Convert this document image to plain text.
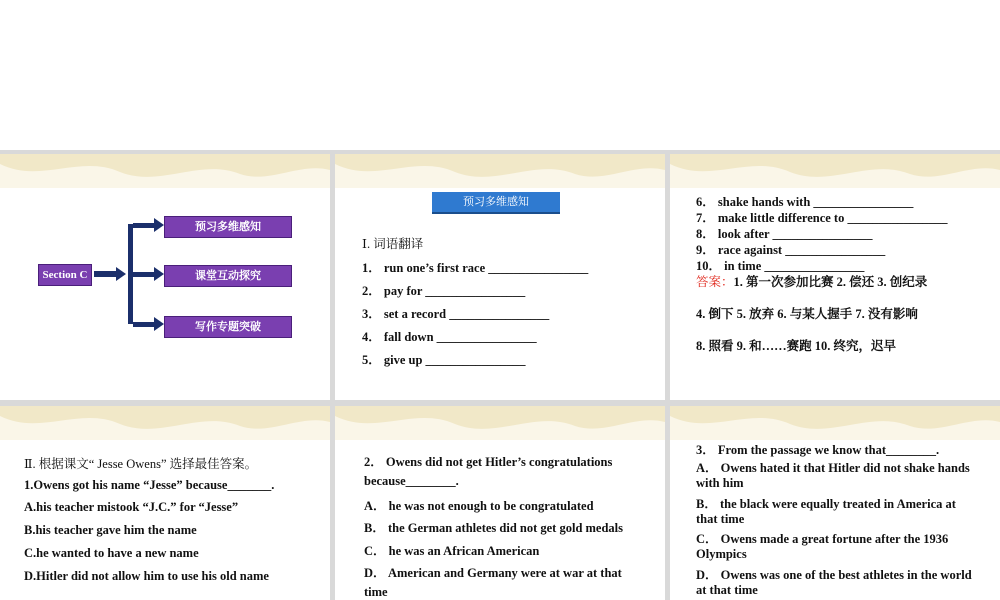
Section C
预习多维感知
课堂互动探究
写作专题突破
预习多维感知
Ⅰ. 词语翻译
1． run one’s first race ________________
2． pay for ________________
3． set a record ________________
4． fall down ________________
5． give up ________________
6． shake hands with ________________
7． make little difference to ________________
8． look after ________________
9． race against ________________
10． in time ________________
答案：1. 第一次参加比赛 2. 偿还 3. 创纪录
4. 倒下 5. 放弃 6. 与某人握手 7. 没有影响
8. 照看 9. 和……赛跑 10. 终究，迟早
Ⅱ. 根据课文“ Jesse Owens” 选择最佳答案。
1.Owens got his name “Jesse” because_______.
A.his teacher mistook “J.C.” for “Jesse”
B.his teacher gave him the name
C.he wanted to have a new name
D.Hitler did not allow him to use his old name
2． Owens did not get Hitler’s congratulations
because________.
A． he was not enough to be congratulated
B． the German athletes did not get gold medals
C． he was an African American
D． American and Germany were at war at that
time
3． From the passage we know that________.
A． Owens hated it that Hitler did not shake hands
with him
B． the black were equally treated in America at
that time
C． Owens made a great fortune after the 1936
Olympics
D． Owens was one of the best athletes in the world
at that time
